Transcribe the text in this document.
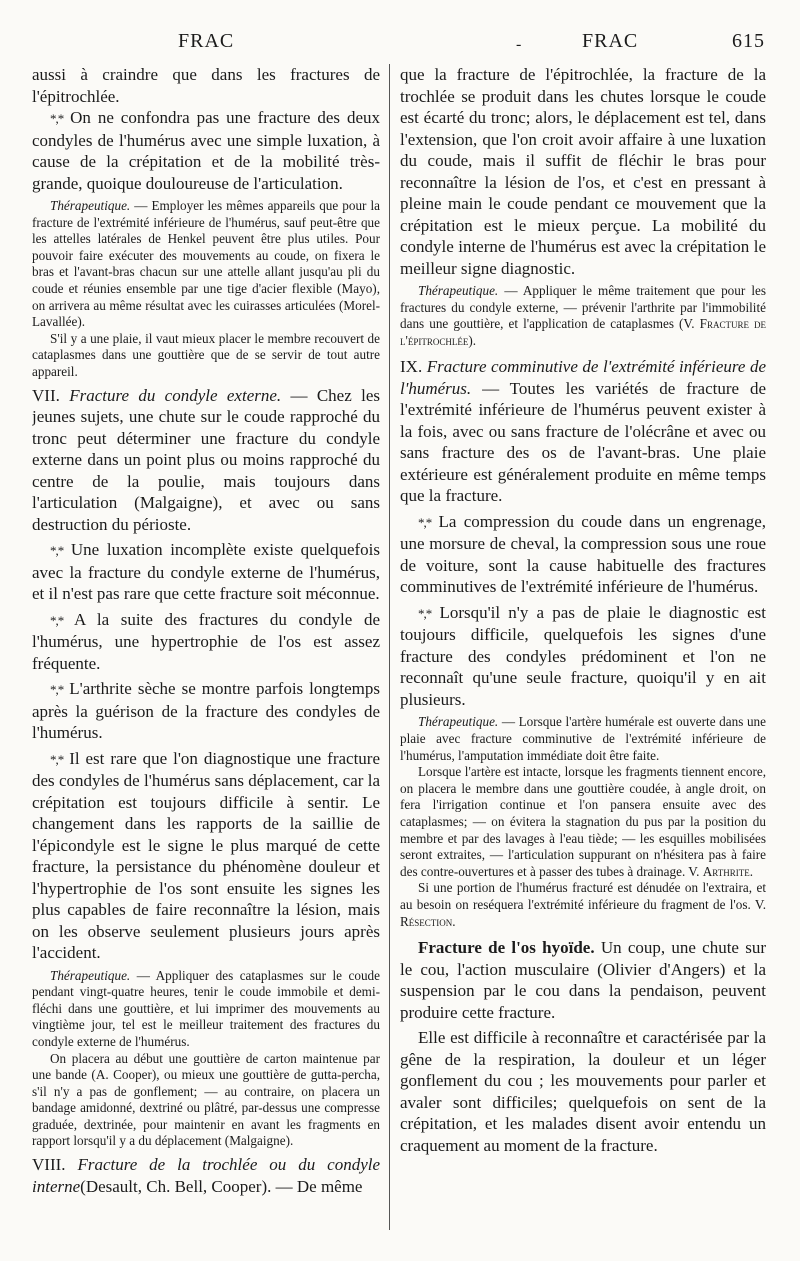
FRAC	-	FRAC	615

aussi à craindre que dans les fractures de l'épitrochlée.

*,* On ne confondra pas une fracture des deux condyles de l'humérus avec une simple luxation, à cause de la crépitation et de la mobilité très-grande, quoique douloureuse de l'articulation.

Thérapeutique. — Employer les mêmes appareils que pour la fracture de l'extrémité inférieure de l'humérus, sauf peut-être que les attelles latérales de Henkel peuvent être plus utiles. Pour pouvoir faire exécuter des mouvements au coude, on fixera le bras et l'avant-bras chacun sur une attelle allant jusqu'au pli du coude et réunies ensemble par une tige d'acier flexible (Mayo), on arrivera au même résultat avec les cuirasses articulées (Morel-Lavallée).

S'il y a une plaie, il vaut mieux placer le membre recouvert de cataplasmes dans une gouttière que de se servir de tout autre appareil.

VII. Fracture du condyle externe. — Chez les jeunes sujets, une chute sur le coude rapproché du tronc peut déterminer une fracture du condyle externe dans un point plus ou moins rapproché du centre de la poulie, mais toujours dans l'articulation (Malgaigne), et avec ou sans destruction du périoste.

*,* Une luxation incomplète existe quelquefois avec la fracture du condyle externe de l'humérus, et il n'est pas rare que cette fracture soit méconnue.

*,* A la suite des fractures du condyle de l'humérus, une hypertrophie de l'os est assez fréquente.

*,* L'arthrite sèche se montre parfois longtemps après la guérison de la fracture des condyles de l'humérus.

*,* Il est rare que l'on diagnostique une fracture des condyles de l'humérus sans déplacement, car la crépitation est toujours difficile à sentir. Le changement dans les rapports de la saillie de l'épicondyle est le signe le plus marqué de cette fracture, la persistance du phénomène douleur et l'hypertrophie de l'os sont ensuite les signes les plus capables de faire reconnaître la lésion, mais on les observe seulement plusieurs jours après l'accident.

Thérapeutique. — Appliquer des cataplasmes sur le coude pendant vingt-quatre heures, tenir le coude immobile et demi-fléchi dans une gouttière, et lui imprimer des mouvements au vingtième jour, tel est le meilleur traitement des fractures du condyle externe de l'humérus.

On placera au début une gouttière de carton maintenue par une bande (A. Cooper), ou mieux une gouttière de gutta-percha, s'il n'y a pas de gonflement; — au contraire, on placera un bandage amidonné, dextriné ou plâtré, par-dessus une compresse graduée, dextrinée, pour maintenir en avant les fragments en rapport lorsqu'il y a du déplacement (Malgaigne).

VIII. Fracture de la trochlée ou du condyle interne(Desault, Ch. Bell, Cooper). — De même

que la fracture de l'épitrochlée, la fracture de la trochlée se produit dans les chutes lorsque le coude est écarté du tronc; alors, le déplacement est tel, dans l'extension, que l'on croit avoir affaire à une luxation du coude, mais il suffit de fléchir le bras pour reconnaître la lésion de l'os, et c'est en pressant à pleine main le coude pendant ce mouvement que la crépitation est le mieux perçue. La mobilité du condyle interne de l'humérus est avec la crépitation le meilleur signe diagnostic.

Thérapeutique. — Appliquer le même traitement que pour les fractures du condyle externe, — prévenir l'arthrite par l'immobilité dans une gouttière, et l'application de cataplasmes (V. Fracture de l'épitrochlée).

IX. Fracture comminutive de l'extrémité inférieure de l'humérus. — Toutes les variétés de fracture de l'extrémité inférieure de l'humérus peuvent exister à la fois, avec ou sans fracture de l'olécrâne et avec ou sans fracture des os de l'avant-bras. Une plaie extérieure est généralement produite en même temps que la fracture.

*,* La compression du coude dans un engrenage, une morsure de cheval, la compression sous une roue de voiture, sont la cause habituelle des fractures comminutives de l'extrémité inférieure de l'humérus.

*,* Lorsqu'il n'y a pas de plaie le diagnostic est toujours difficile, quelquefois les signes d'une fracture des condyles prédominent et l'on ne reconnaît qu'une seule fracture, quoiqu'il y en ait plusieurs.

Thérapeutique. — Lorsque l'artère humérale est ouverte dans une plaie avec fracture comminutive de l'extrémité inférieure de l'humérus, l'amputation immédiate doit être faite.

Lorsque l'artère est intacte, lorsque les fragments tiennent encore, on placera le membre dans une gouttière coudée, à angle droit, on fera l'irrigation continue et l'on pansera ensuite avec des cataplasmes; — on évitera la stagnation du pus par la position du membre et par des lavages à l'eau tiède; — les esquilles mobilisées seront extraites, — l'articulation suppurant on n'hésitera pas à faire des contre-ouvertures et à passer des tubes à drainage. V. Arthrite.

Si une portion de l'humérus fracturé est dénudée on l'extraira, et au besoin on reséquera l'extrémité inférieure du fragment de l'os. V. Résection.

Fracture de l'os hyoïde. Un coup, une chute sur le cou, l'action musculaire (Olivier d'Angers) et la suspension par le cou dans la pendaison, peuvent produire cette fracture.

Elle est difficile à reconnaître et caractérisée par la gêne de la respiration, la douleur et un léger gonflement du cou ; les mouvements pour parler et avaler sont difficiles; quelquefois on sent de la crépitation, et les malades disent avoir entendu un craquement au moment de la fracture.
